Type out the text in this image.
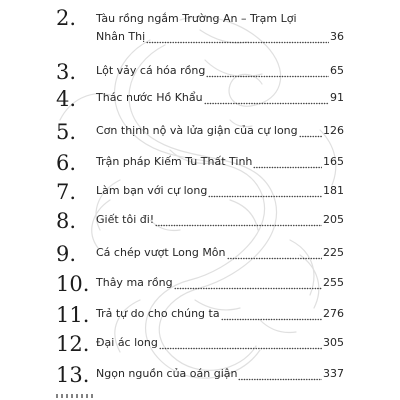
2.	Tàu rồng ngắm Trường An – Trạm Lợi
Nhân Thị	36
3.	Lột vảy cá hóa rồng	65
4.	Thác nước Hồ Khẩu	91
5.	Cơn thịnh nộ và lửa giận của cự long 126
6.	Trận pháp Kiếm Tu Thất Tinh	165
7.	Làm bạn với cự long	181
8.	Giết tôi đi!	205
9.	Cá chép vượt Long Môn	225
10. Thây ma rồng	255
11. Trả tự do cho chúng ta	276
12. Đại ác long	305
13. Ngọn nguồn của oán giận	337
